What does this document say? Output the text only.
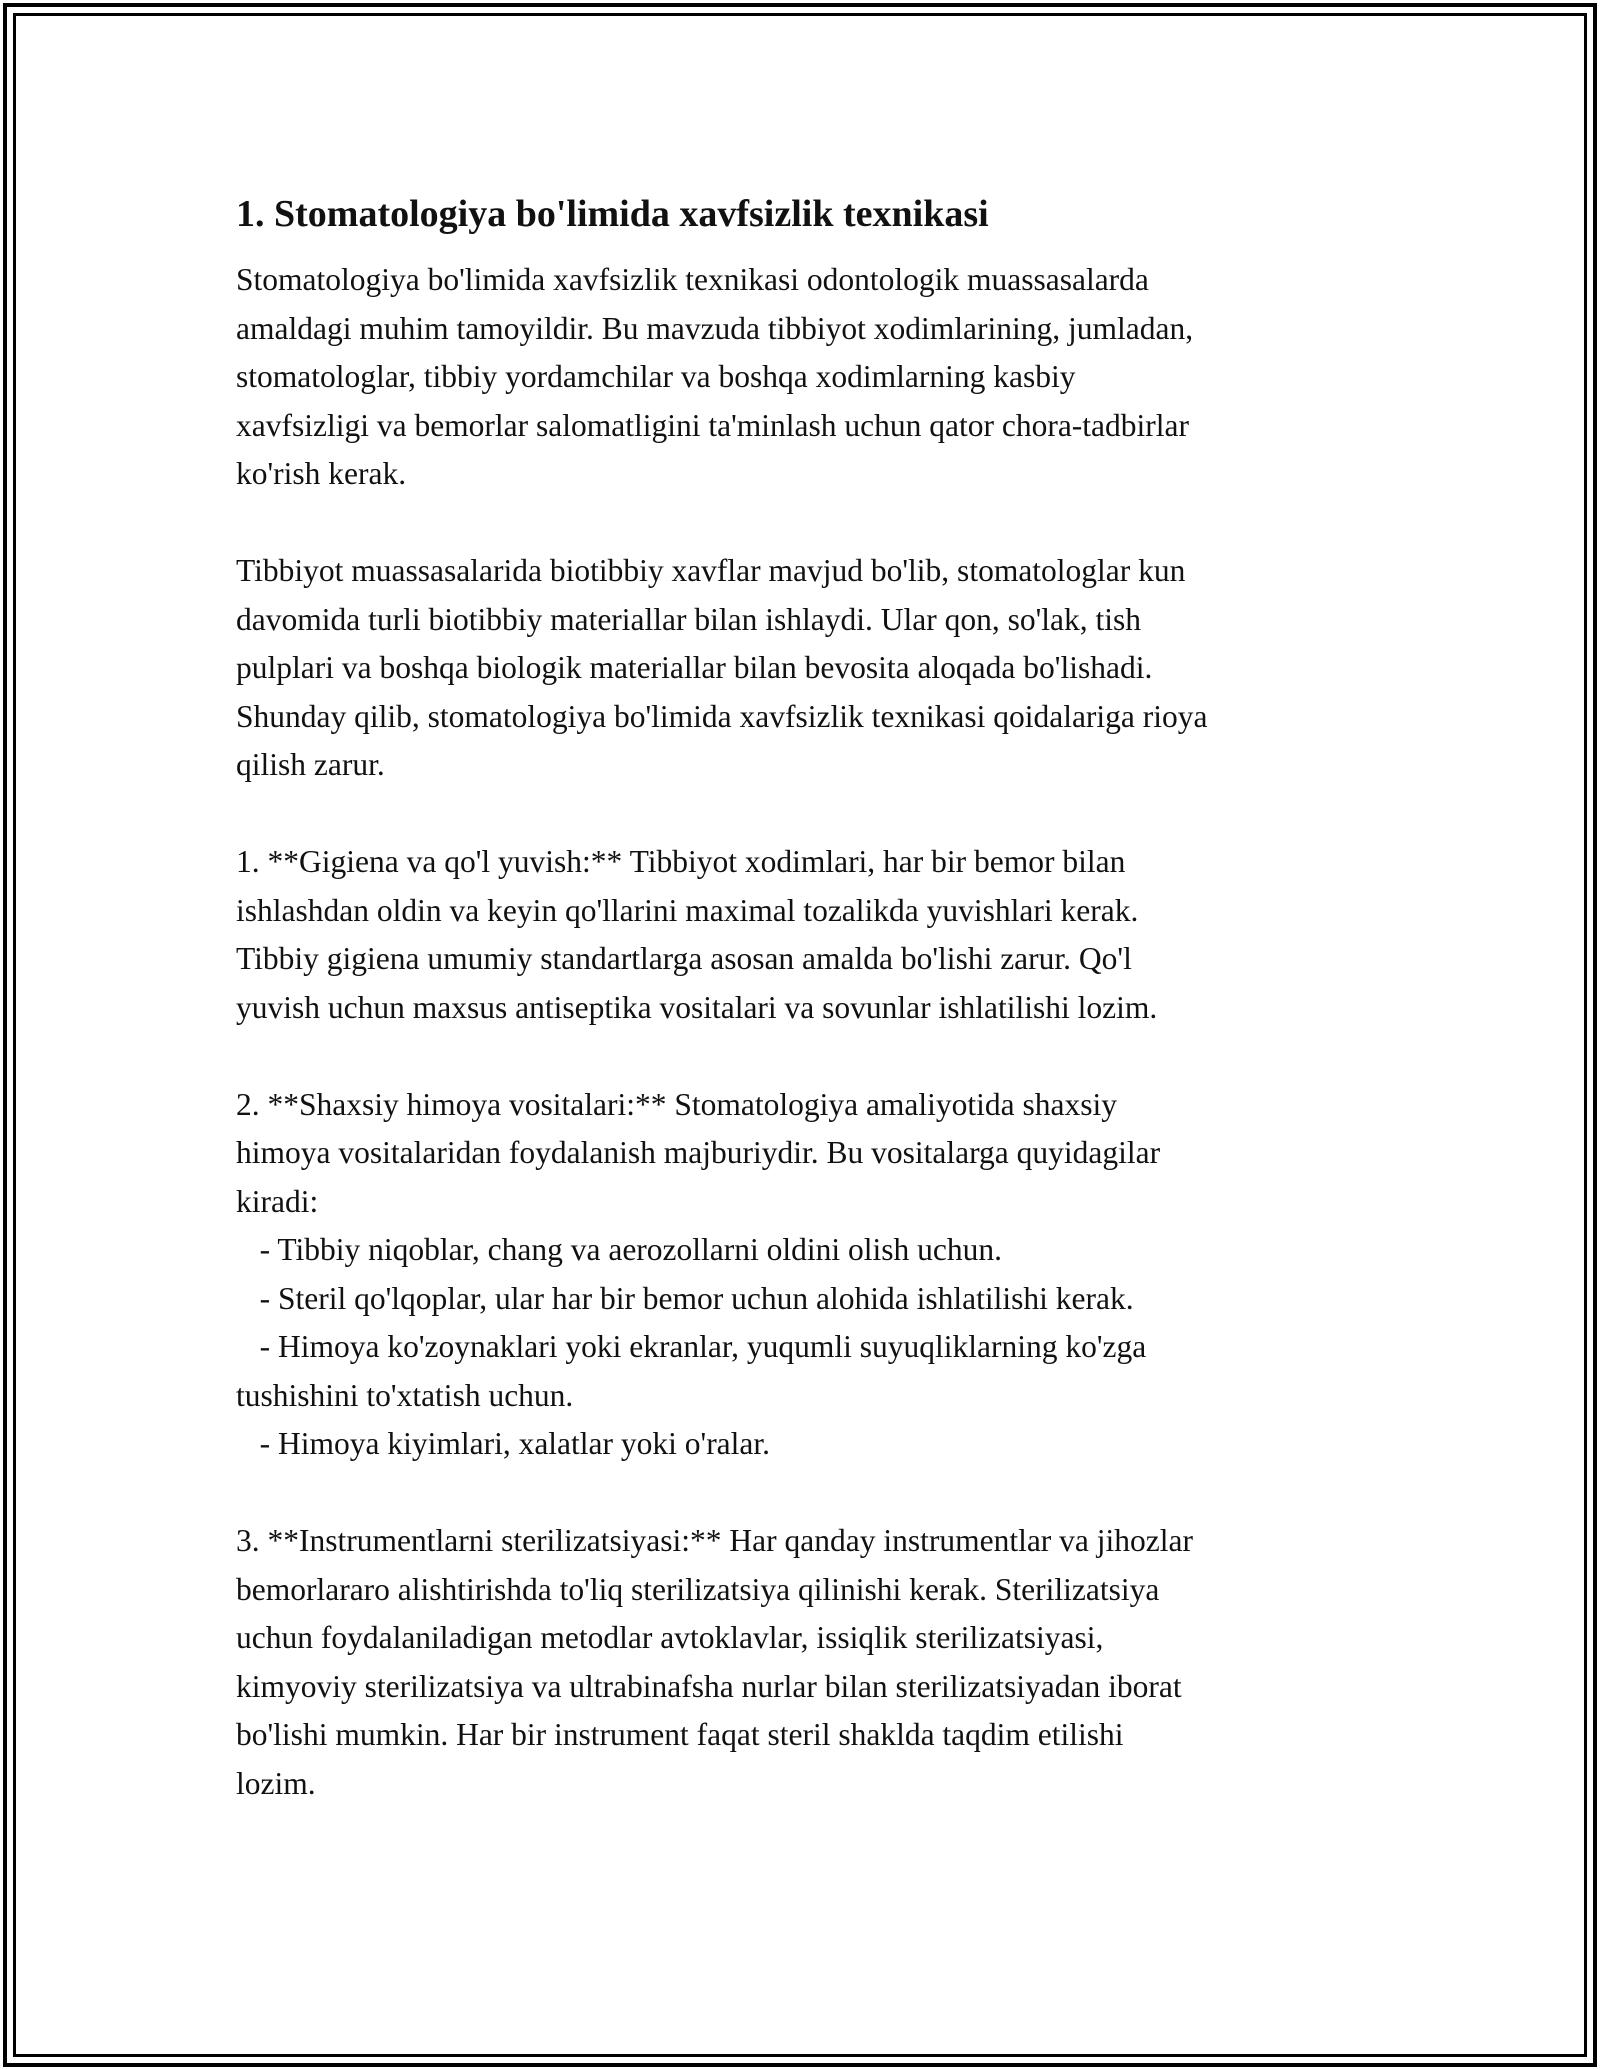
1. Stomatologiya bo'limida xavfsizlik texnikasi

Stomatologiya bo'limida xavfsizlik texnikasi odontologik muassasalarda
amaldagi muhim tamoyildir. Bu mavzuda tibbiyot xodimlarining, jumladan,
stomatologlar, tibbiy yordamchilar va boshqa xodimlarning kasbiy
xavfsizligi va bemorlar salomatligini ta'minlash uchun qator chora-tadbirlar
ko'rish kerak.

Tibbiyot muassasalarida biotibbiy xavflar mavjud bo'lib, stomatologlar kun
davomida turli biotibbiy materiallar bilan ishlaydi. Ular qon, so'lak, tish
pulplari va boshqa biologik materiallar bilan bevosita aloqada bo'lishadi.
Shunday qilib, stomatologiya bo'limida xavfsizlik texnikasi qoidalariga rioya
qilish zarur.

1. **Gigiena va qo'l yuvish:** Tibbiyot xodimlari, har bir bemor bilan
ishlashdan oldin va keyin qo'llarini maximal tozalikda yuvishlari kerak.
Tibbiy gigiena umumiy standartlarga asosan amalda bo'lishi zarur. Qo'l
yuvish uchun maxsus antiseptika vositalari va sovunlar ishlatilishi lozim.

2. **Shaxsiy himoya vositalari:** Stomatologiya amaliyotida shaxsiy
himoya vositalaridan foydalanish majburiydir. Bu vositalarga quyidagilar
kiradi:
- Tibbiy niqoblar, chang va aerozollarni oldini olish uchun.
- Steril qo'lqoplar, ular har bir bemor uchun alohida ishlatilishi kerak.
- Himoya ko'zoynaklari yoki ekranlar, yuqumli suyuqliklarning ko'zga
tushishini to'xtatish uchun.
- Himoya kiyimlari, xalatlar yoki o'ralar.

3. **Instrumentlarni sterilizatsiyasi:** Har qanday instrumentlar va jihozlar
bemorlararo alishtirishda to'liq sterilizatsiya qilinishi kerak. Sterilizatsiya
uchun foydalaniladigan metodlar avtoklavlar, issiqlik sterilizatsiyasi,
kimyoviy sterilizatsiya va ultrabinafsha nurlar bilan sterilizatsiyadan iborat
bo'lishi mumkin. Har bir instrument faqat steril shaklda taqdim etilishi
lozim.
